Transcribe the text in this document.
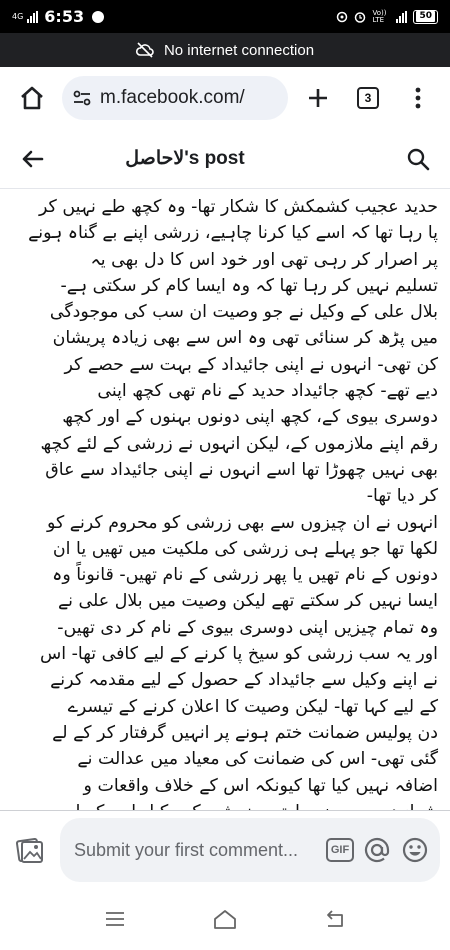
4G 6:53	Vo)) LTE	50
No internet connection
m.facebook.com/	3
لاحاصل's post
حدید عجیب کشمکش کا شکار تھا- وہ کچھ طے نہیں کر
پا رہا تھا کہ اسے کیا کرنا چاہیے، زرشی اپنے بے گناہ ہونے
پر اصرار کر رہی تھی اور خود اس کا دل بھی یہ
تسلیم نہیں کر رہا تھا کہ وہ ایسا کام کر سکتی ہے-
بلال علی کے وکیل نے جو وصیت ان سب کی موجودگی
میں پڑھ کر سنائی تھی وہ اس سے بھی زیادہ پریشان
کن تھی- انہوں نے اپنی جائیداد کے بہت سے حصے کر
دیے تھے- کچھ جائیداد حدید کے نام تھی کچھ اپنی
دوسری بیوی کے، کچھ اپنی دونوں بہنوں کے اور کچھ
رقم اپنے ملازموں کے، لیکن انہوں نے زرشی کے لئے کچھ
بھی نہیں چھوڑا تھا اسے انہوں نے اپنی جائیداد سے عاق
کر دیا تھا-
انہوں نے ان چیزوں سے بھی زرشی کو محروم کرنے کو
لکھا تھا جو پہلے ہی زرشی کی ملکیت میں تھیں یا ان
دونوں کے نام تھیں یا پھر زرشی کے نام تھیں- قانوناً وہ
ایسا نہیں کر سکتے تھے لیکن وصیت میں بلال علی نے
وہ تمام چیزیں اپنی دوسری بیوی کے نام کر دی تھیں-
اور یہ سب زرشی کو سیخ پا کرنے کے لیے کافی تھا- اس
نے اپنے وکیل سے جائیداد کے حصول کے لیے مقدمہ کرنے
کے لیے کہا تھا- لیکن وصیت کا اعلان کرنے کے تیسرے
دن پولیس ضمانت ختم ہونے پر انہیں گرفتار کر کے لے
گئی تھی- اس کی ضمانت کی معیاد میں عدالت نے
اضافہ نہیں کیا تھا کیونکہ اس کے خلاف واقعات و
Submit your first comment...	GIF
